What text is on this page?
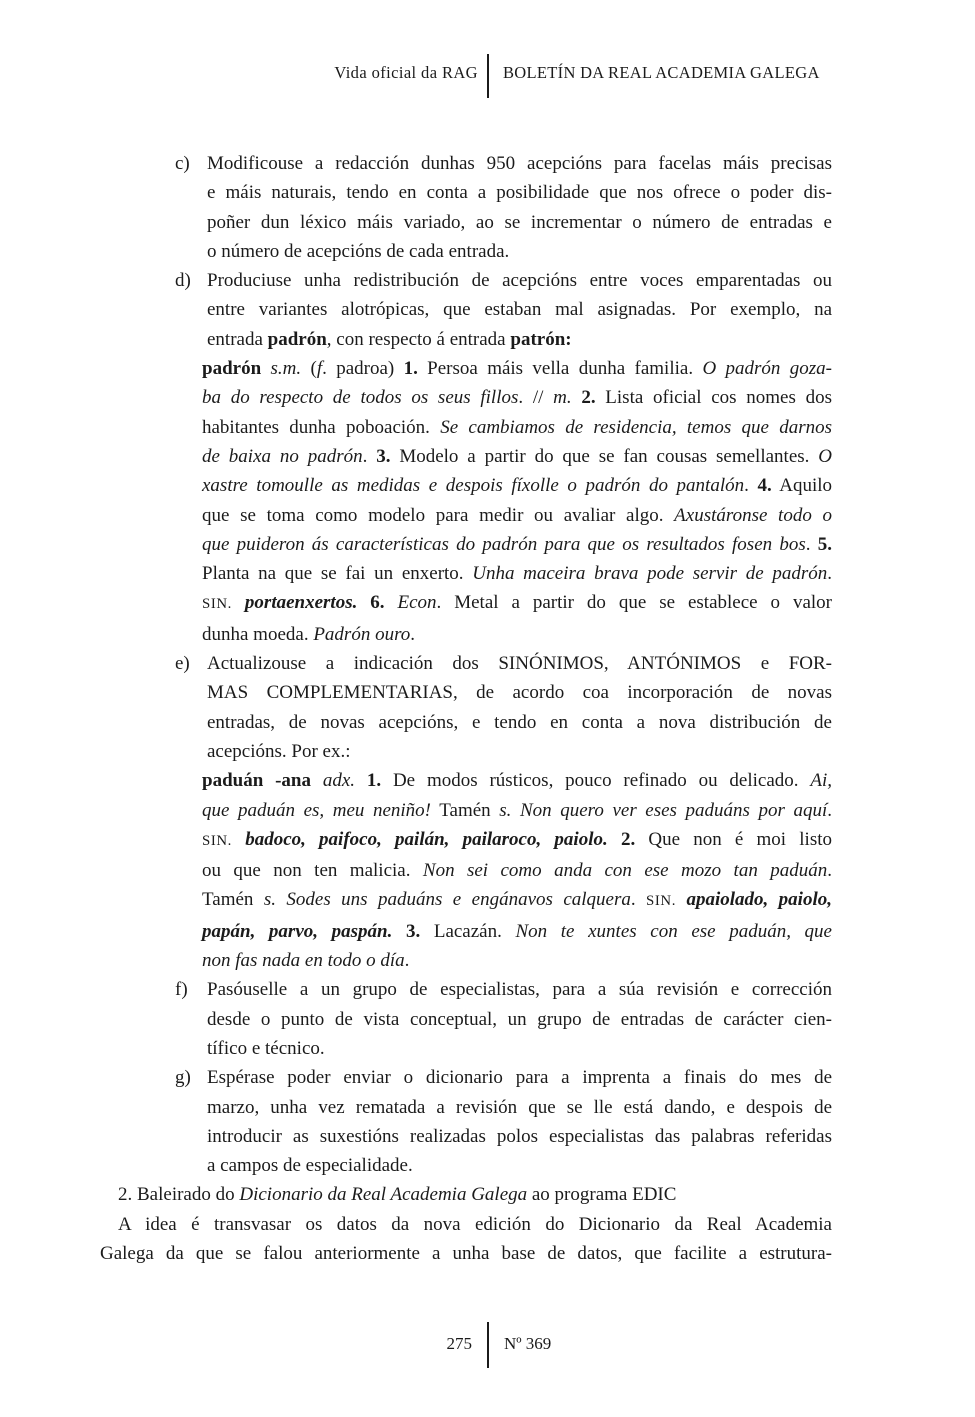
Vida oficial da RAG BOLETÍN DA REAL ACADEMIA GALEGA
c) Modificouse a redacción dunhas 950 acepcións para facelas máis precisas
e máis naturais, tendo en conta a posibilidade que nos ofrece o poder dis-
poñer dun léxico máis variado, ao se incrementar o número de entradas e
o número de acepcións de cada entrada.
d) Produciuse unha redistribución de acepcións entre voces emparentadas ou
entre variantes alotrópicas, que estaban mal asignadas. Por exemplo, na
entrada padrón, con respecto á entrada patrón:
padrón s.m. (f. padroa) 1. Persoa máis vella dunha familia. O padrón goza-
ba do respecto de todos os seus fillos. // m. 2. Lista oficial cos nomes dos
habitantes dunha poboación. Se cambiamos de residencia, temos que darnos
de baixa no padrón. 3. Modelo a partir do que se fan cousas semellantes. O
xastre tomoulle as medidas e despois fíxolle o padrón do pantalón. 4. Aquilo
que se toma como modelo para medir ou avaliar algo. Axustáronse todo o
que puideron ás características do padrón para que os resultados fosen bos. 5.
Planta na que se fai un enxerto. Unha maceira brava pode servir de padrón.
SIN. portaenxertos. 6. Econ. Metal a partir do que se establece o valor
dunha moeda. Padrón ouro.
e) Actualizouse a indicación dos SINÓNIMOS, ANTÓNIMOS e FOR-
MAS COMPLEMENTARIAS, de acordo coa incorporación de novas
entradas, de novas acepcións, e tendo en conta a nova distribución de
acepcións. Por ex.:
paduán -ana adx. 1. De modos rústicos, pouco refinado ou delicado. Ai,
que paduán es, meu neniño! Tamén s. Non quero ver eses paduáns por aquí.
SIN. badoco, paifoco, pailán, pailaroco, paiolo. 2. Que non é moi listo
ou que non ten malicia. Non sei como anda con ese mozo tan paduán.
Tamén s. Sodes uns paduáns e engánavos calquera. SIN. apaiolado, paiolo,
papán, parvo, paspán. 3. Lacazán. Non te xuntes con ese paduán, que
non fas nada en todo o día.
f) Pasóuselle a un grupo de especialistas, para a súa revisión e corrección
desde o punto de vista conceptual, un grupo de entradas de carácter cien-
tífico e técnico.
g) Espérase poder enviar o dicionario para a imprenta a finais do mes de
marzo, unha vez rematada a revisión que se lle está dando, e despois de
introducir as suxestións realizadas polos especialistas das palabras referidas
a campos de especialidade.
2. Baleirado do Dicionario da Real Academia Galega ao programa EDIC
A idea é transvasar os datos da nova edición do Dicionario da Real Academia
Galega da que se falou anteriormente a unha base de datos, que facilite a estrutura-
275 Nº 369
